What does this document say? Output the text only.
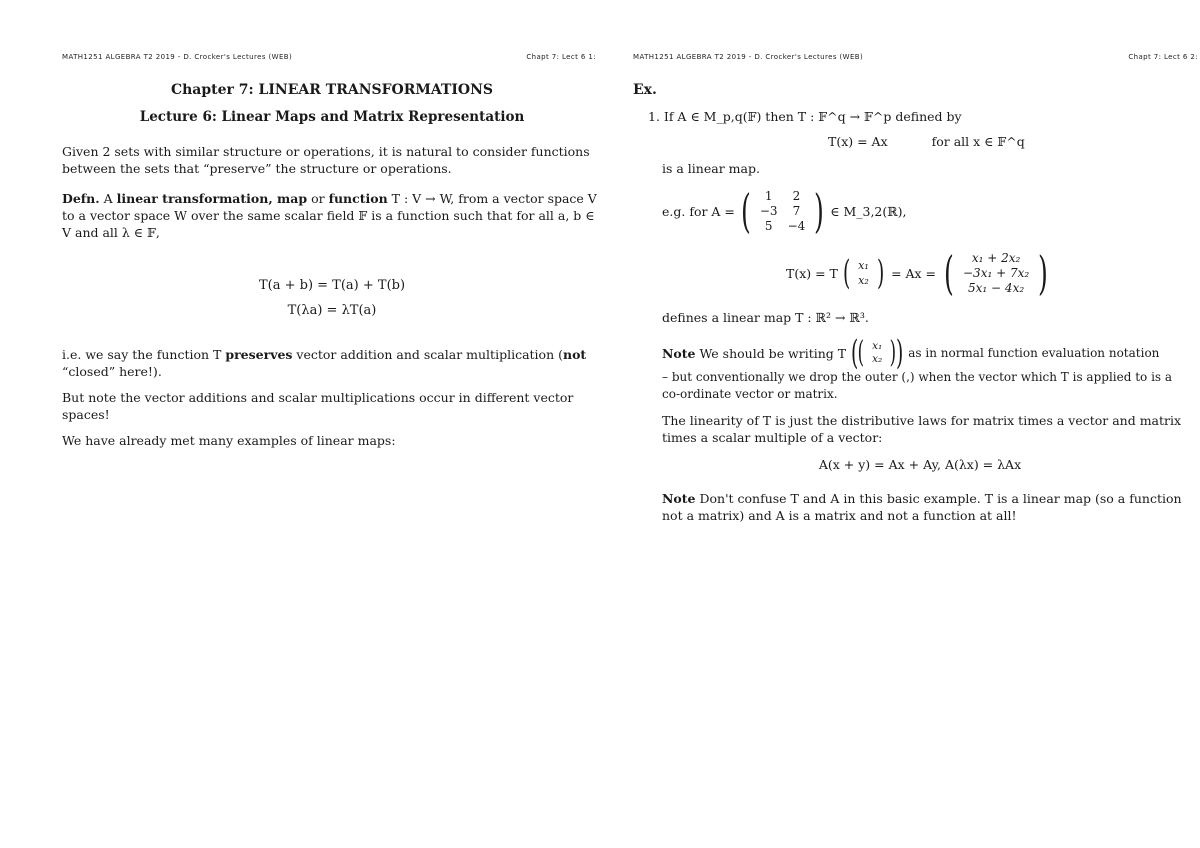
MATH1251 ALGEBRA T2 2019 - D. Crocker's Lectures (WEB)	Chapt 7: Lect 6 1:
Chapter 7: LINEAR TRANSFORMATIONS
Lecture 6: Linear Maps and Matrix Representation
Given 2 sets with similar structure or operations, it is natural to consider functions between the sets that “preserve” the structure or operations.
Defn. A linear transformation, map or function T : V → W, from a vector space V to a vector space W over the same scalar field 𝔽 is a function such that for all a, b ∈ V and all λ ∈ 𝔽,
T(a + b) = T(a) + T(b)
T(λa) = λT(a)
i.e. we say the function T preserves vector addition and scalar multiplication (not “closed” here!).
But note the vector additions and scalar multiplications occur in different vector spaces!
We have already met many examples of linear maps:
MATH1251 ALGEBRA T2 2019 - D. Crocker's Lectures (WEB)	Chapt 7: Lect 6 2:
Ex.
1. If A ∈ M_p,q(𝔽) then T : 𝔽^q → 𝔽^p defined by
T(x) = Ax	for all x ∈ 𝔽^q
is a linear map.
e.g. for A = ( 1	2
−3	7
5	−4 ) ∈ M_3,2(ℝ),
T(x) = T ( x₁
x₂ ) = Ax = ( x₁ + 2x₂
−3x₁ + 7x₂
5x₁ − 4x₂ )
defines a linear map T : ℝ² → ℝ³.
Note We should be writing T ( ( x₁
x₂ ) ) as in normal function evaluation notation
– but conventionally we drop the outer (,) when the vector which T is applied to is a co-ordinate vector or matrix.
The linearity of T is just the distributive laws for matrix times a vector and matrix times a scalar multiple of a vector:
A(x + y) = Ax + Ay, A(λx) = λAx
Note Don't confuse T and A in this basic example. T is a linear map (so a function not a matrix) and A is a matrix and not a function at all!
